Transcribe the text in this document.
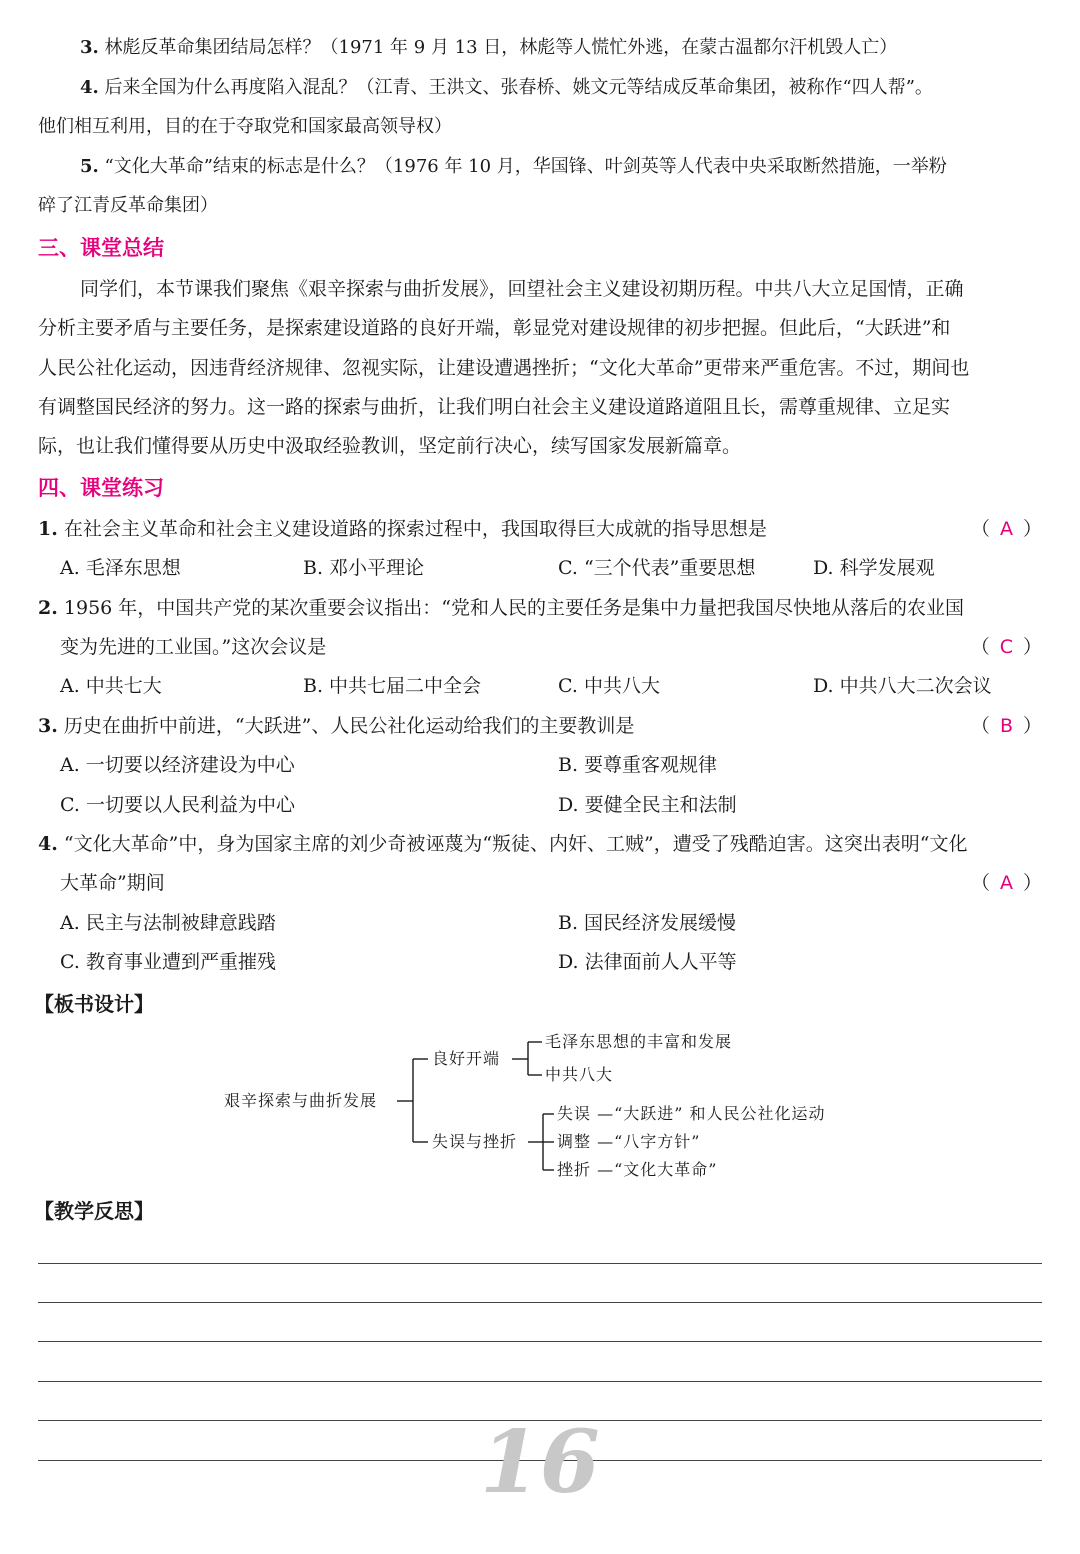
3. 林彪反革命集团结局怎样？（1971 年 9 月 13 日，林彪等人慌忙外逃，在蒙古温都尔汗机毁人亡）
4. 后来全国为什么再度陷入混乱？（江青、王洪文、张春桥、姚文元等结成反革命集团，被称作“四人帮”。
他们相互利用，目的在于夺取党和国家最高领导权）
5. “文化大革命”结束的标志是什么？（1976 年 10 月，华国锋、叶剑英等人代表中央采取断然措施，一举粉
碎了江青反革命集团）
三、课堂总结
同学们，本节课我们聚焦《艰辛探索与曲折发展》，回望社会主义建设初期历程。中共八大立足国情，正确
分析主要矛盾与主要任务，是探索建设道路的良好开端，彰显党对建设规律的初步把握。但此后，“大跃进”和
人民公社化运动，因违背经济规律、忽视实际，让建设遭遇挫折；“文化大革命”更带来严重危害。不过，期间也
有调整国民经济的努力。这一路的探索与曲折，让我们明白社会主义建设道路道阻且长，需尊重规律、立足实
际，也让我们懂得要从历史中汲取经验教训，坚定前行决心，续写国家发展新篇章。
四、课堂练习
1. 在社会主义革命和社会主义建设道路的探索过程中，我国取得巨大成就的指导思想是	（ A ）
A. 毛泽东思想	B. 邓小平理论	C. “三个代表”重要思想	D. 科学发展观
2. 1956 年，中国共产党的某次重要会议指出：“党和人民的主要任务是集中力量把我国尽快地从落后的农业国
变为先进的工业国。”这次会议是	（ C ）
A. 中共七大	B. 中共七届二中全会	C. 中共八大	D. 中共八大二次会议
3. 历史在曲折中前进，“大跃进”、人民公社化运动给我们的主要教训是	（ B ）
A. 一切要以经济建设为中心	B. 要尊重客观规律
C. 一切要以人民利益为中心	D. 要健全民主和法制
4. “文化大革命”中，身为国家主席的刘少奇被诬蔑为“叛徒、内奸、工贼”，遭受了残酷迫害。这突出表明“文化
大革命”期间	（ A ）
A. 民主与法制被肆意践踏	B. 国民经济发展缓慢
C. 教育事业遭到严重摧残	D. 法律面前人人平等
【板书设计】
艰辛探索与曲折发展
良好开端
毛泽东思想的丰富和发展
中共八大
失误与挫折
失误 —“大跃进” 和人民公社化运动
调整 —“八字方针”
挫折 —“文化大革命”
【教学反思】
16
